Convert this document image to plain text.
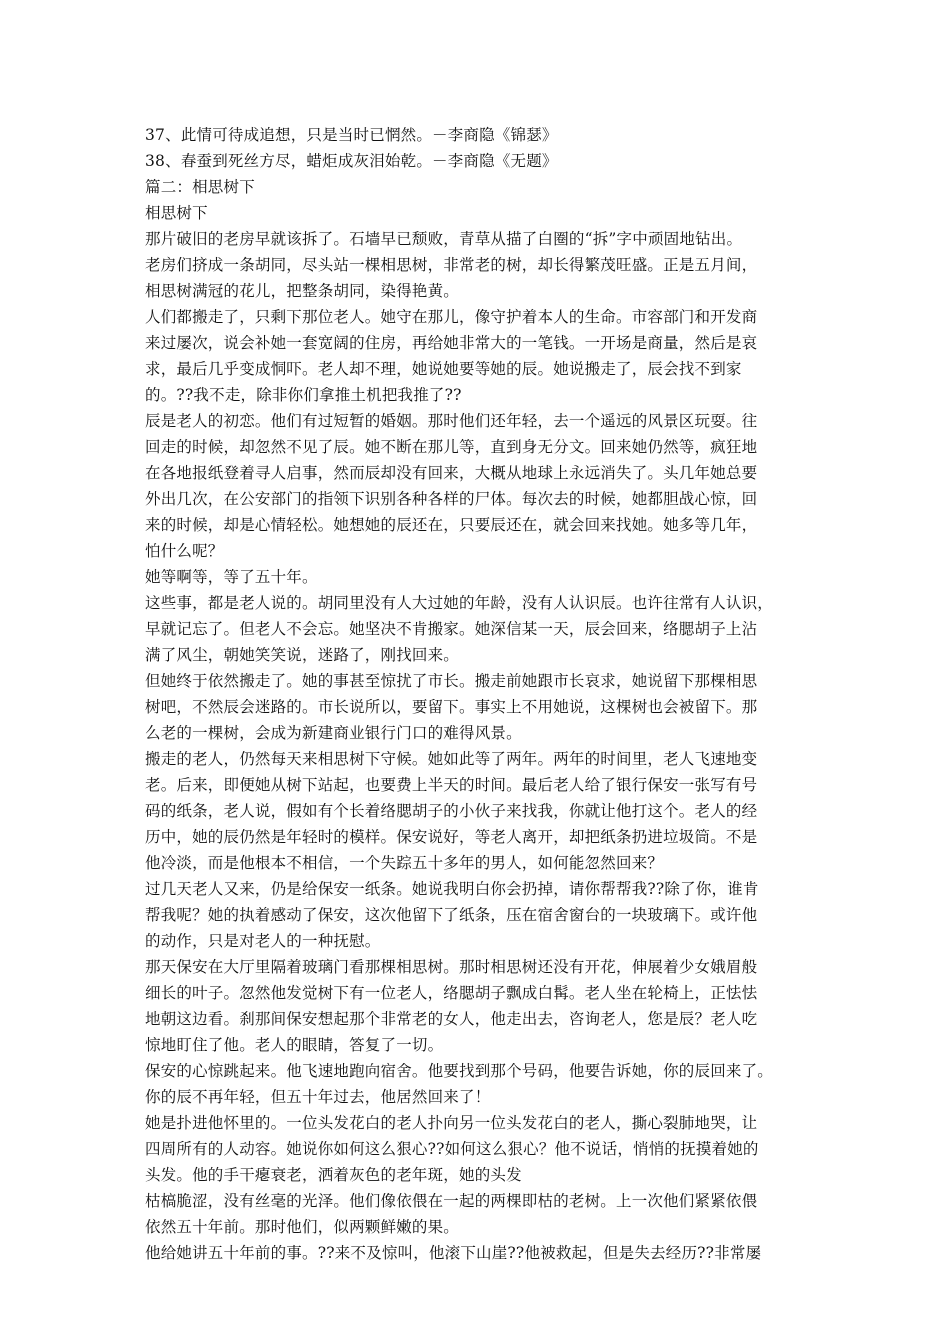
37、此情可待成追想，只是当时已惘然。－李商隐《锦瑟》
38、春蚕到死丝方尽，蜡炬成灰泪始乾。－李商隐《无题》
篇二：相思树下
相思树下
那片破旧的老房早就该拆了。石墙早已颓败，青草从描了白圈的“拆”字中顽固地钻出。
老房们挤成一条胡同，尽头站一棵相思树，非常老的树，却长得繁茂旺盛。正是五月间，
相思树满冠的花儿，把整条胡同，染得艳黄。
人们都搬走了，只剩下那位老人。她守在那儿，像守护着本人的生命。市容部门和开发商
来过屡次，说会补她一套宽阔的住房，再给她非常大的一笔钱。一开场是商量，然后是哀
求，最后几乎变成恫吓。老人却不理，她说她要等她的辰。她说搬走了，辰会找不到家
的。??我不走，除非你们拿推土机把我推了??
辰是老人的初恋。他们有过短暂的婚姻。那时他们还年轻，去一个遥远的风景区玩耍。往
回走的时候，却忽然不见了辰。她不断在那儿等，直到身无分文。回来她仍然等，疯狂地
在各地报纸登着寻人启事，然而辰却没有回来，大概从地球上永远消失了。头几年她总要
外出几次，在公安部门的指领下识别各种各样的尸体。每次去的时候，她都胆战心惊，回
来的时候，却是心情轻松。她想她的辰还在，只要辰还在，就会回来找她。她多等几年，
怕什么呢？
她等啊等，等了五十年。
这些事，都是老人说的。胡同里没有人大过她的年龄，没有人认识辰。也许往常有人认识，
早就记忘了。但老人不会忘。她坚决不肯搬家。她深信某一天，辰会回来，络腮胡子上沾
满了风尘，朝她笑笑说，迷路了，刚找回来。
但她终于依然搬走了。她的事甚至惊扰了市长。搬走前她跟市长哀求，她说留下那棵相思
树吧，不然辰会迷路的。市长说所以，要留下。事实上不用她说，这棵树也会被留下。那
么老的一棵树，会成为新建商业银行门口的难得风景。
搬走的老人，仍然每天来相思树下守候。她如此等了两年。两年的时间里，老人飞速地变
老。后来，即便她从树下站起，也要费上半天的时间。最后老人给了银行保安一张写有号
码的纸条，老人说，假如有个长着络腮胡子的小伙子来找我，你就让他打这个。老人的经
历中，她的辰仍然是年轻时的模样。保安说好，等老人离开，却把纸条扔进垃圾筒。不是
他冷淡，而是他根本不相信，一个失踪五十多年的男人，如何能忽然回来？
过几天老人又来，仍是给保安一纸条。她说我明白你会扔掉，请你帮帮我??除了你，谁肯
帮我呢？她的执着感动了保安，这次他留下了纸条，压在宿舍窗台的一块玻璃下。或许他
的动作，只是对老人的一种抚慰。
那天保安在大厅里隔着玻璃门看那棵相思树。那时相思树还没有开花，伸展着少女娥眉般
细长的叶子。忽然他发觉树下有一位老人，络腮胡子飘成白髯。老人坐在轮椅上，正怯怯
地朝这边看。刹那间保安想起那个非常老的女人，他走出去，咨询老人，您是辰？老人吃
惊地盯住了他。老人的眼睛，答复了一切。
保安的心惊跳起来。他飞速地跑向宿舍。他要找到那个号码，他要告诉她，你的辰回来了。
你的辰不再年轻，但五十年过去，他居然回来了！
她是扑进他怀里的。一位头发花白的老人扑向另一位头发花白的老人，撕心裂肺地哭，让
四周所有的人动容。她说你如何这么狠心??如何这么狠心？他不说话，悄悄的抚摸着她的
头发。他的手干瘪衰老，洒着灰色的老年斑，她的头发
枯槁脆涩，没有丝毫的光泽。他们像依偎在一起的两棵即枯的老树。上一次他们紧紧依偎
依然五十年前。那时他们，似两颗鲜嫩的果。
他给她讲五十年前的事。??来不及惊叫，他滚下山崖??他被救起，但是失去经历??非常屡
